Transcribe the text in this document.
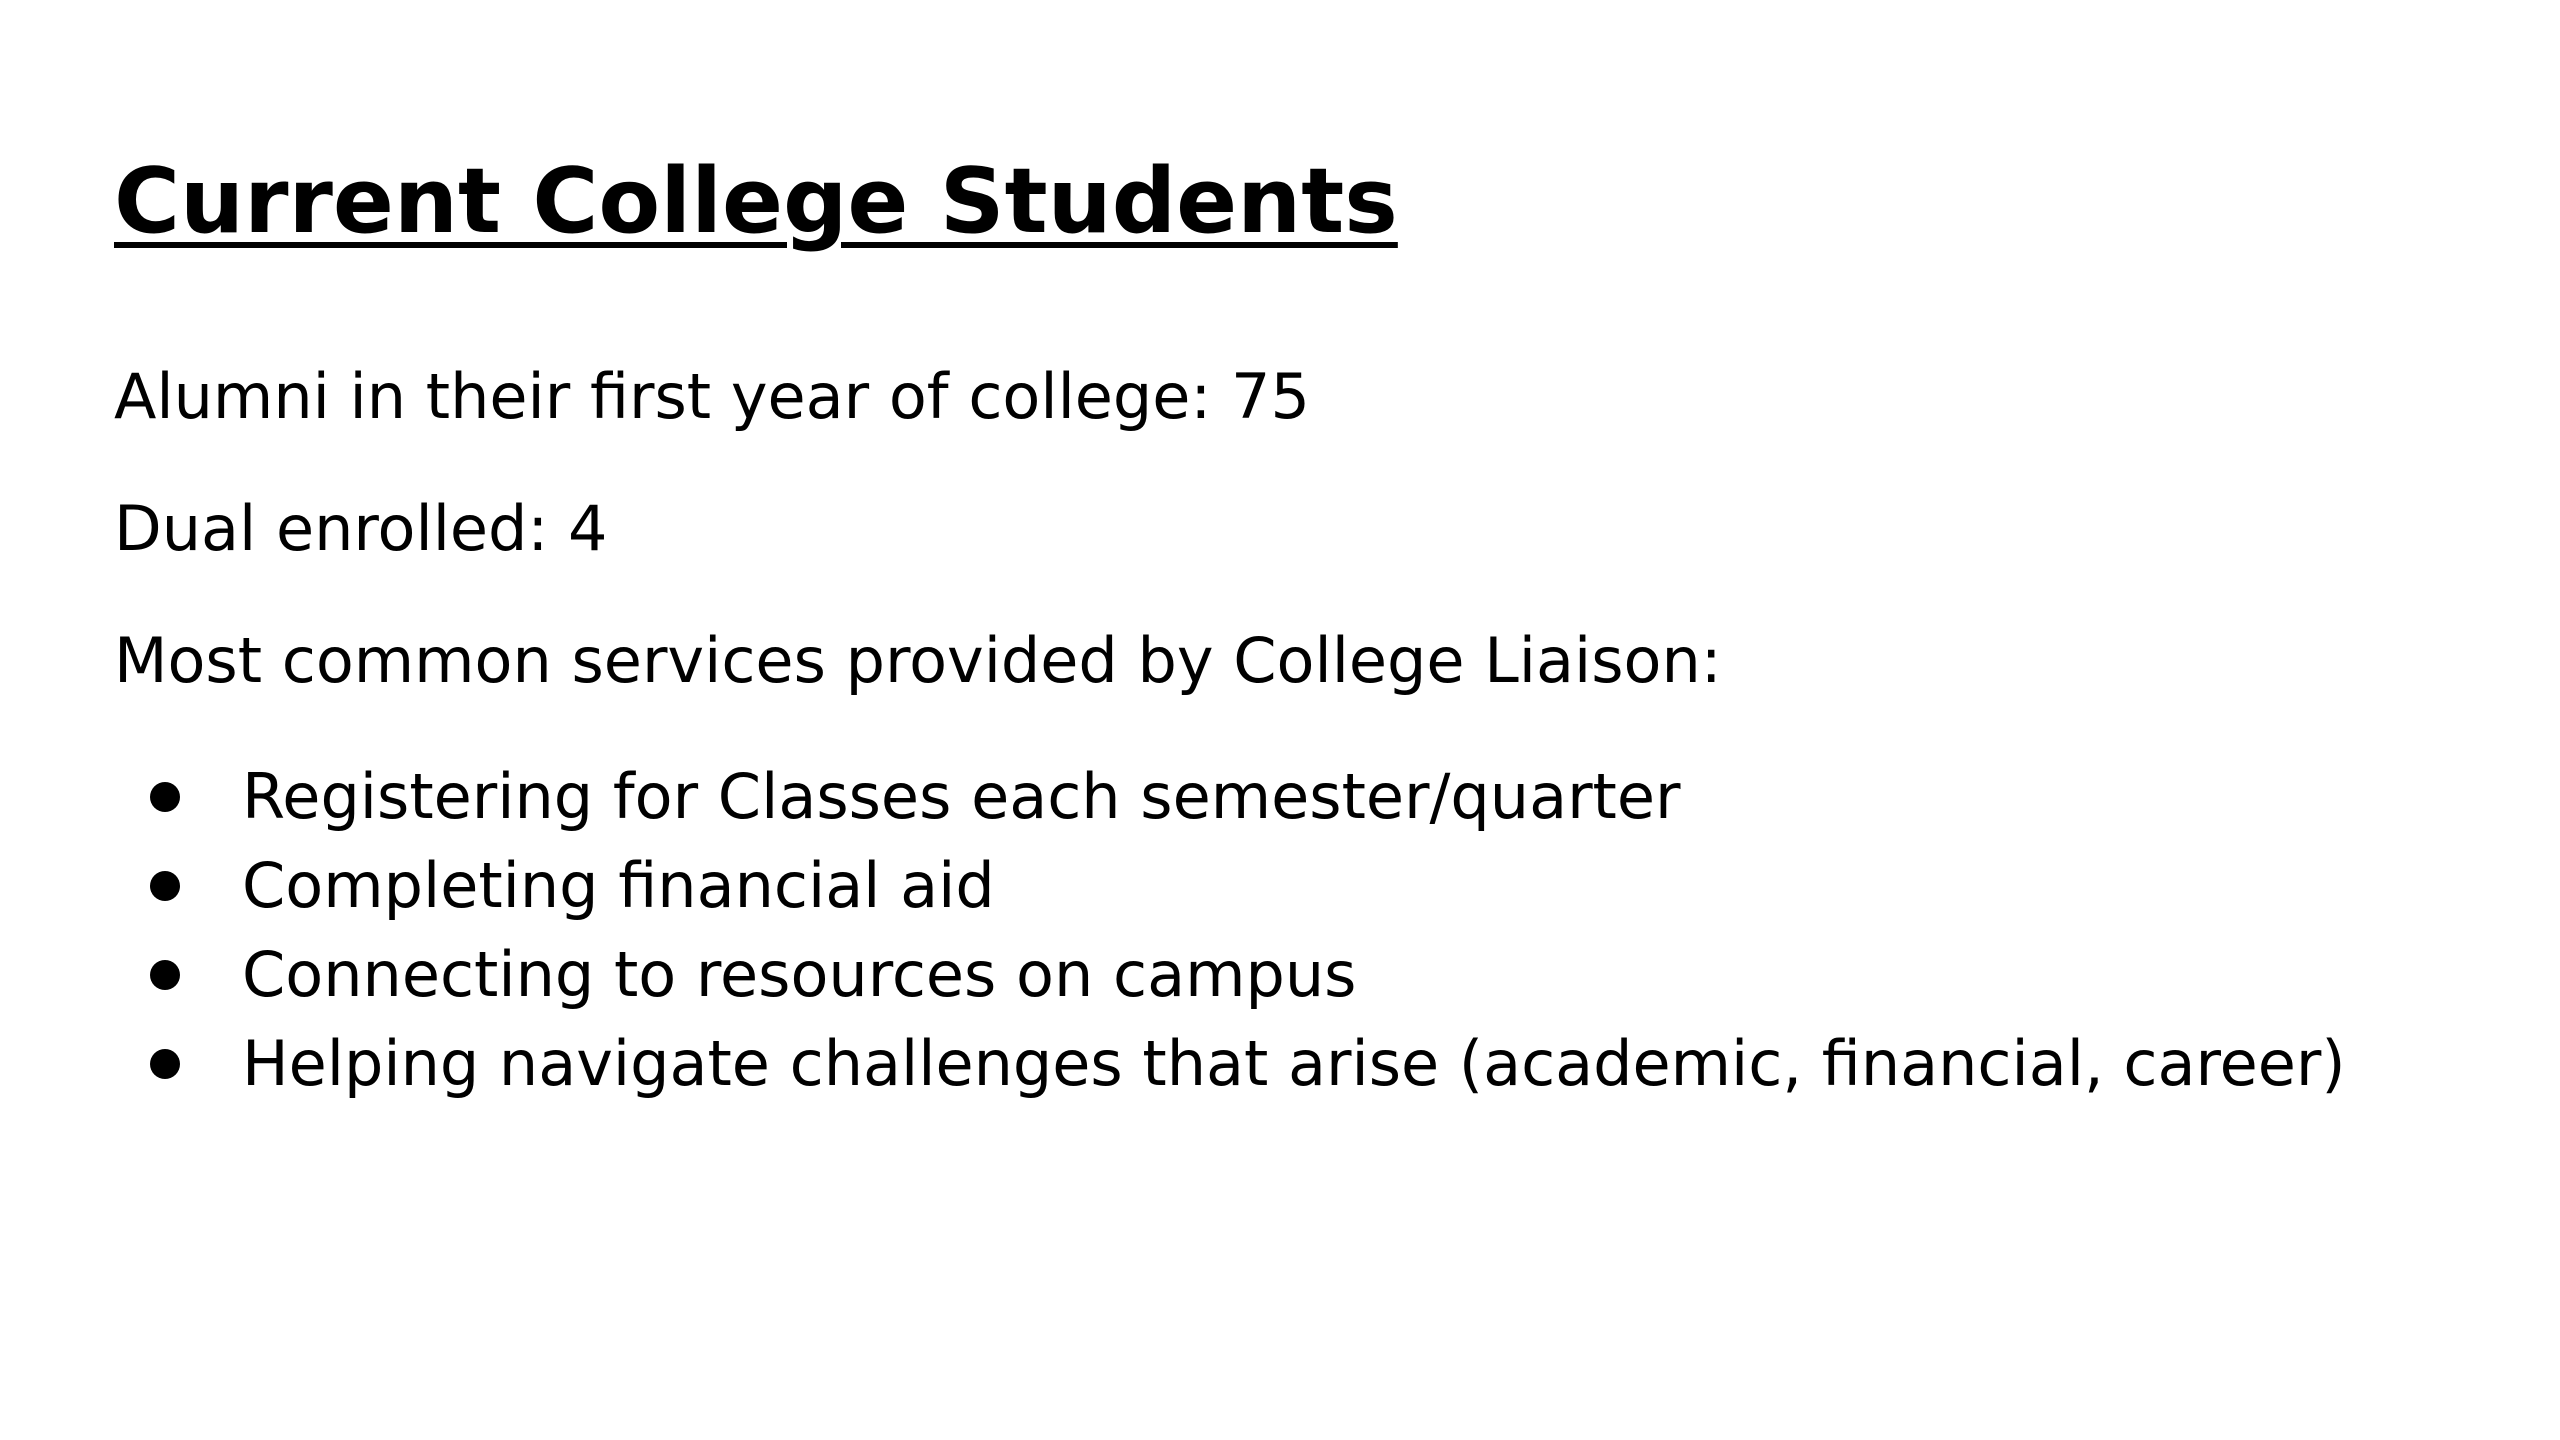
Current College Students

Alumni in their first year of college: 75

Dual enrolled: 4

Most common services provided by College Liaison:

Registering for Classes each semester/quarter
Completing financial aid
Connecting to resources on campus
Helping navigate challenges that arise (academic, financial, career)
